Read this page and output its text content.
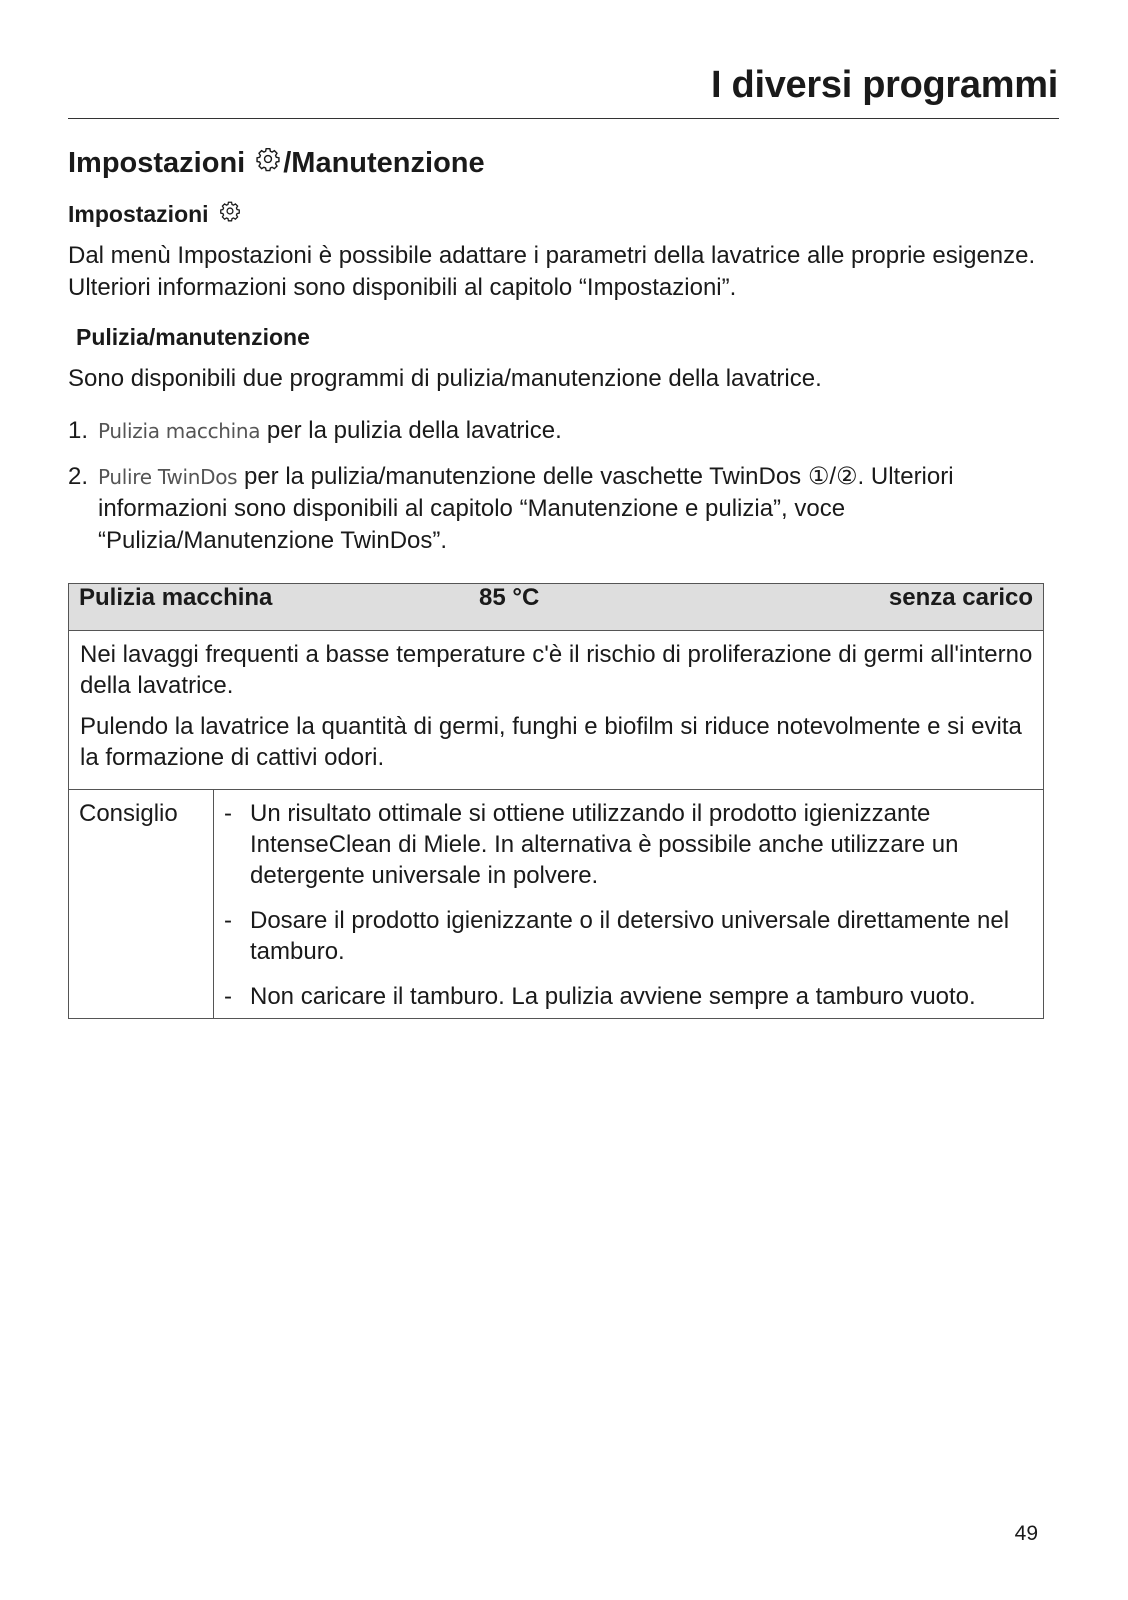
I diversi programmi
Impostazioni /Manutenzione
Impostazioni

Dal menù Impostazioni è possibile adattare i parametri della lavatrice alle proprie esigenze. Ulteriori informazioni sono disponibili al capitolo “Impostazioni”.

Pulizia/manutenzione

Sono disponibili due programmi di pulizia/manutenzione della lavatrice.

1. Pulizia macchina per la pulizia della lavatrice.
2. Pulire TwinDos per la pulizia/manutenzione delle vaschette TwinDos ①/②. Ulteriori informazioni sono disponibili al capitolo “Manutenzione e pulizia”, voce “Pulizia/Manutenzione TwinDos”.
Pulizia macchina	85 °C	senza carico

Nei lavaggi frequenti a basse temperature c'è il rischio di proliferazione di germi all'interno della lavatrice.

Pulendo la lavatrice la quantità di germi, funghi e biofilm si riduce notevolmente e si evita la formazione di cattivi odori.

Consiglio	- Un risultato ottimale si ottiene utilizzando il prodotto igienizzante IntenseClean di Miele. In alternativa è possibile anche utilizzare un detergente universale in polvere.
- Dosare il prodotto igienizzante o il detersivo universale direttamente nel tamburo.
- Non caricare il tamburo. La pulizia avviene sempre a tamburo vuoto.
49
